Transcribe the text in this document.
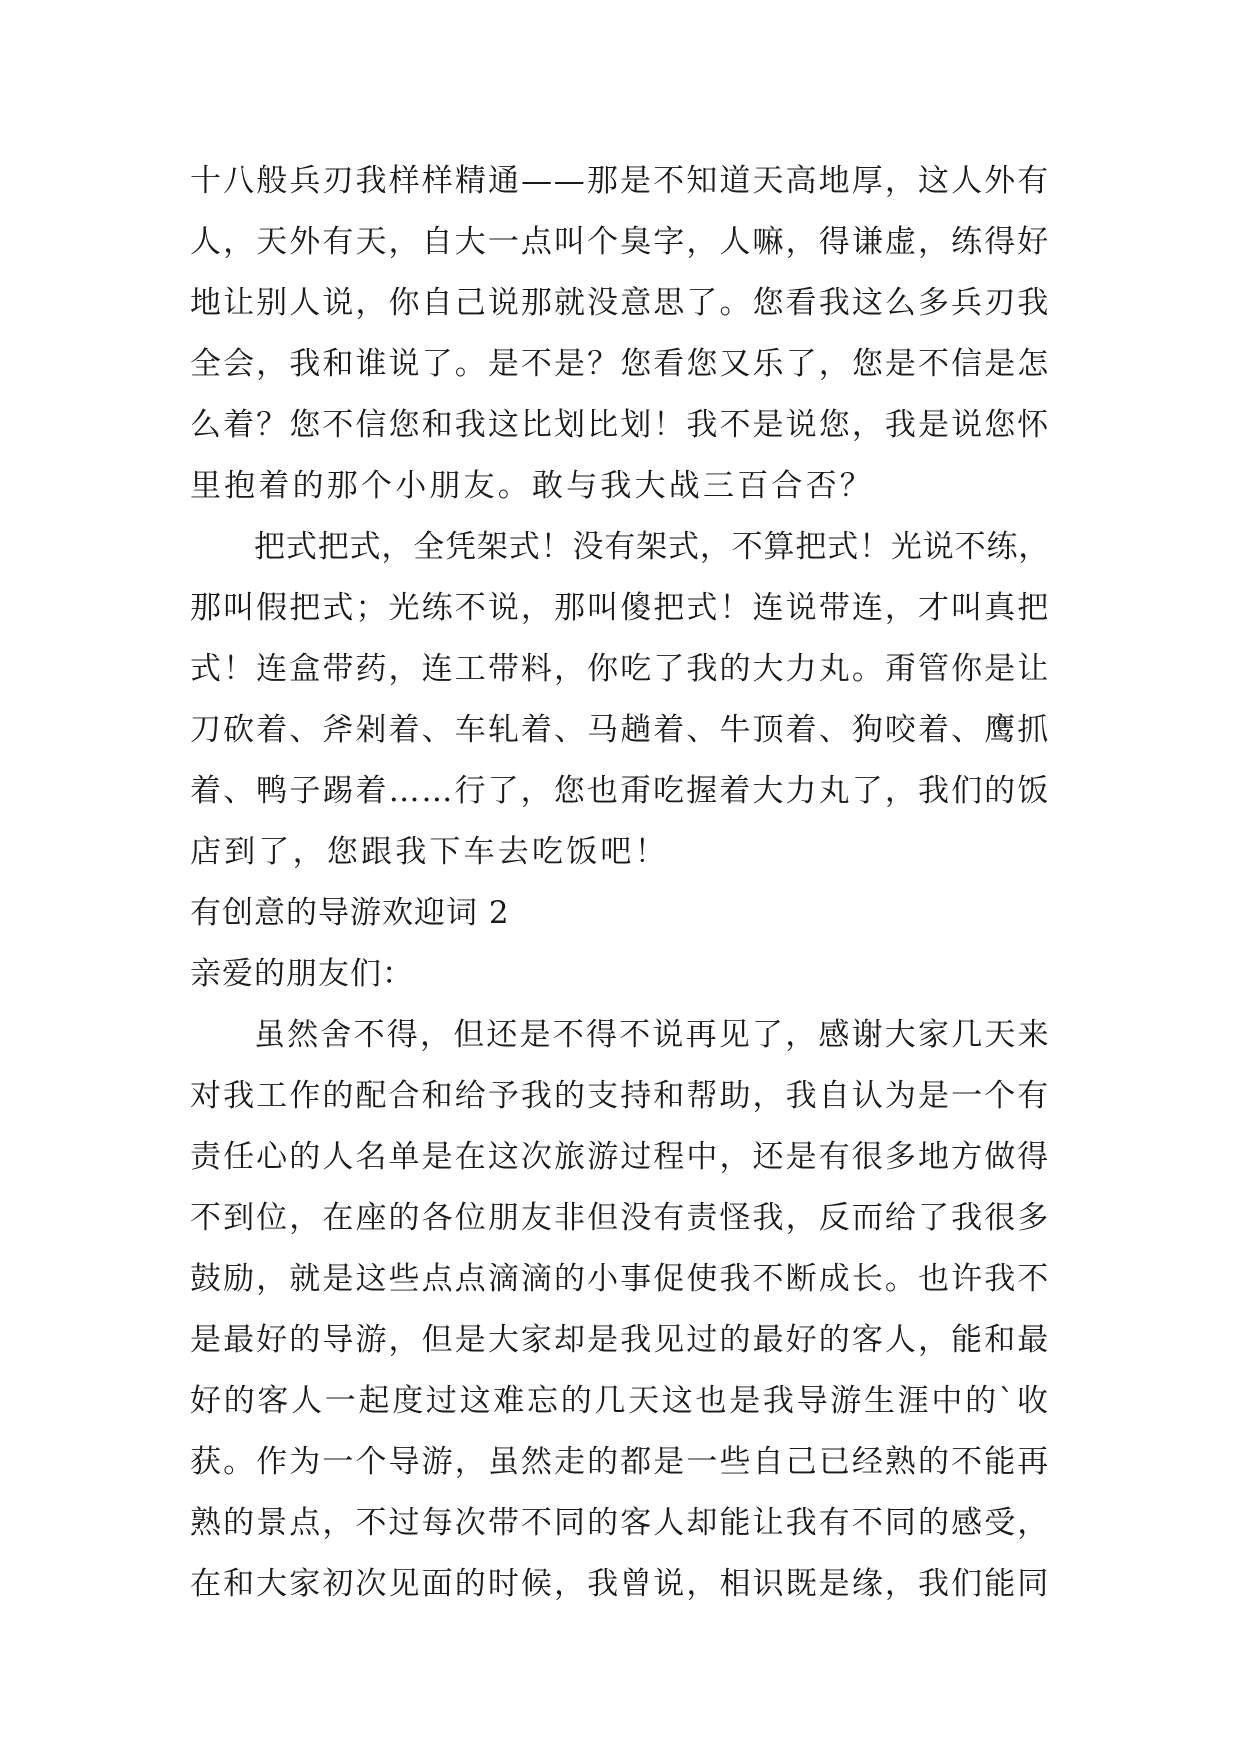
十八般兵刃我样样精通——那是不知道天高地厚，这人外有
人，天外有天，自大一点叫个臭字，人嘛，得谦虚，练得好
地让别人说，你自己说那就没意思了。您看我这么多兵刃我
全会，我和谁说了。是不是？您看您又乐了，您是不信是怎
么着？您不信您和我这比划比划！我不是说您，我是说您怀
里抱着的那个小朋友。敢与我大战三百合否？
把式把式，全凭架式！没有架式，不算把式！光说不练，
那叫假把式；光练不说，那叫傻把式！连说带连，才叫真把
式！连盒带药，连工带料，你吃了我的大力丸。甭管你是让
刀砍着、斧剁着、车轧着、马趟着、牛顶着、狗咬着、鹰抓
着、鸭子踢着……行了，您也甭吃握着大力丸了，我们的饭
店到了，您跟我下车去吃饭吧！
有创意的导游欢迎词 2
亲爱的朋友们：
虽然舍不得，但还是不得不说再见了，感谢大家几天来
对我工作的配合和给予我的支持和帮助，我自认为是一个有
责任心的人名单是在这次旅游过程中，还是有很多地方做得
不到位，在座的各位朋友非但没有责怪我，反而给了我很多
鼓励，就是这些点点滴滴的小事促使我不断成长。也许我不
是最好的导游，但是大家却是我见过的最好的客人，能和最
好的客人一起度过这难忘的几天这也是我导游生涯中的`收
获。作为一个导游，虽然走的都是一些自己已经熟的不能再
熟的景点，不过每次带不同的客人却能让我有不同的感受，
在和大家初次见面的时候，我曾说，相识既是缘，我们能同
